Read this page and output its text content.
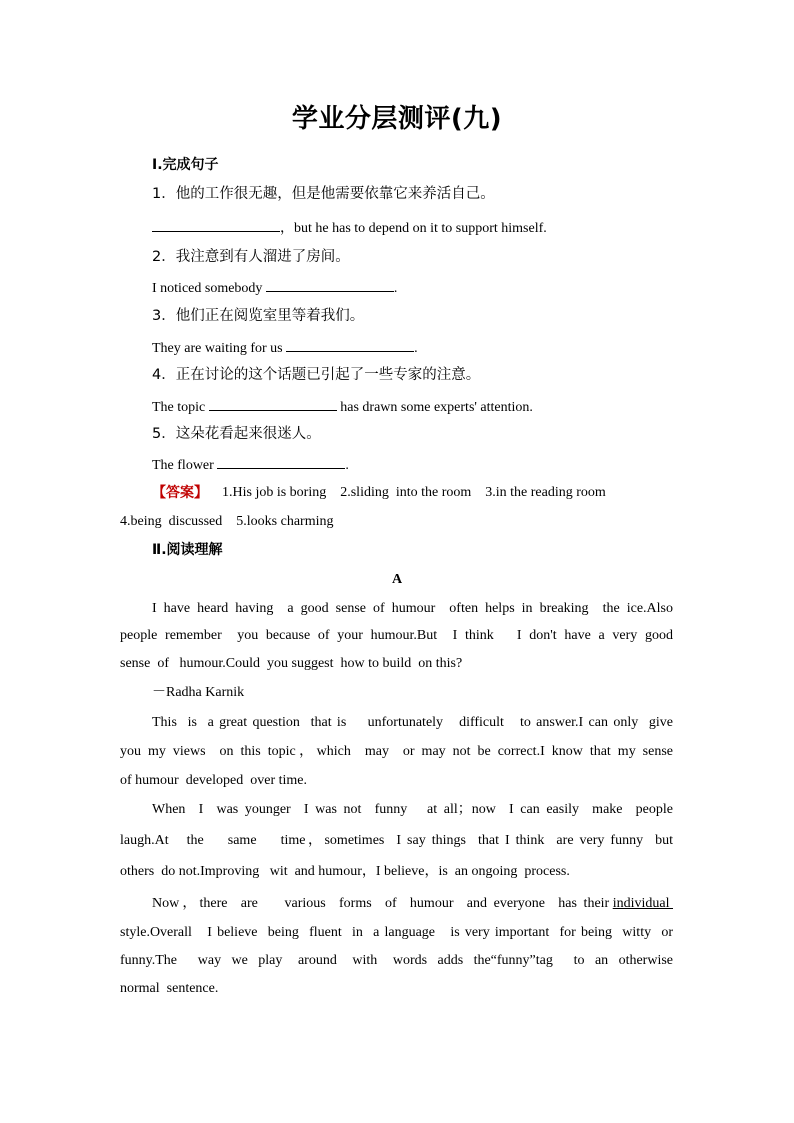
学业分层测评(九)
Ⅰ.完成句子
1．他的工作很无趣，但是他需要依靠它来养活自己。
，but he has to depend on it to support himself.
2．我注意到有人溜进了房间。
I noticed somebody	.
3．他们正在阅览室里等着我们。
They are waiting for us	.
4．正在讨论的这个话题已引起了一些专家的注意。
The topic	has drawn some experts' attention.
5．这朵花看起来很迷人。
The flower	.
【答案】 1.His job is boring    2.sliding  into the room    3.in the reading room
4.being  discussed    5.looks charming
Ⅱ.阅读理解
A
I have heard having  a good sense of humour  often helps in breaking  the ice.Also
people remember  you because of your humour.But  I think   I don't have a very good
sense  of   humour.Could  you suggest  how to build  on this?
－Radha Karnik
This  is  a great question  that is    unfortunately   difficult   to answer.I can only  give
you my views  on this topic，which  may  or may not be correct.I know that my sense
of humour  developed  over time.
When  I  was younger  I was not  funny   at all；now  I can easily  make  people
laugh.At   the    same    time，sometimes  I say things  that I think  are very funny  but
others  do not.Improving   wit  and humour，I believe，is  an ongoing  process.
Now，there  are    various  forms  of  humour  and everyone  has their individual
style.Overall   I believe  being  fluent  in  a language   is very important  for being  witty  or
funny.The    way  we  play   around   with   words  adds  the“funny”tag    to  an  otherwise
normal  sentence.
